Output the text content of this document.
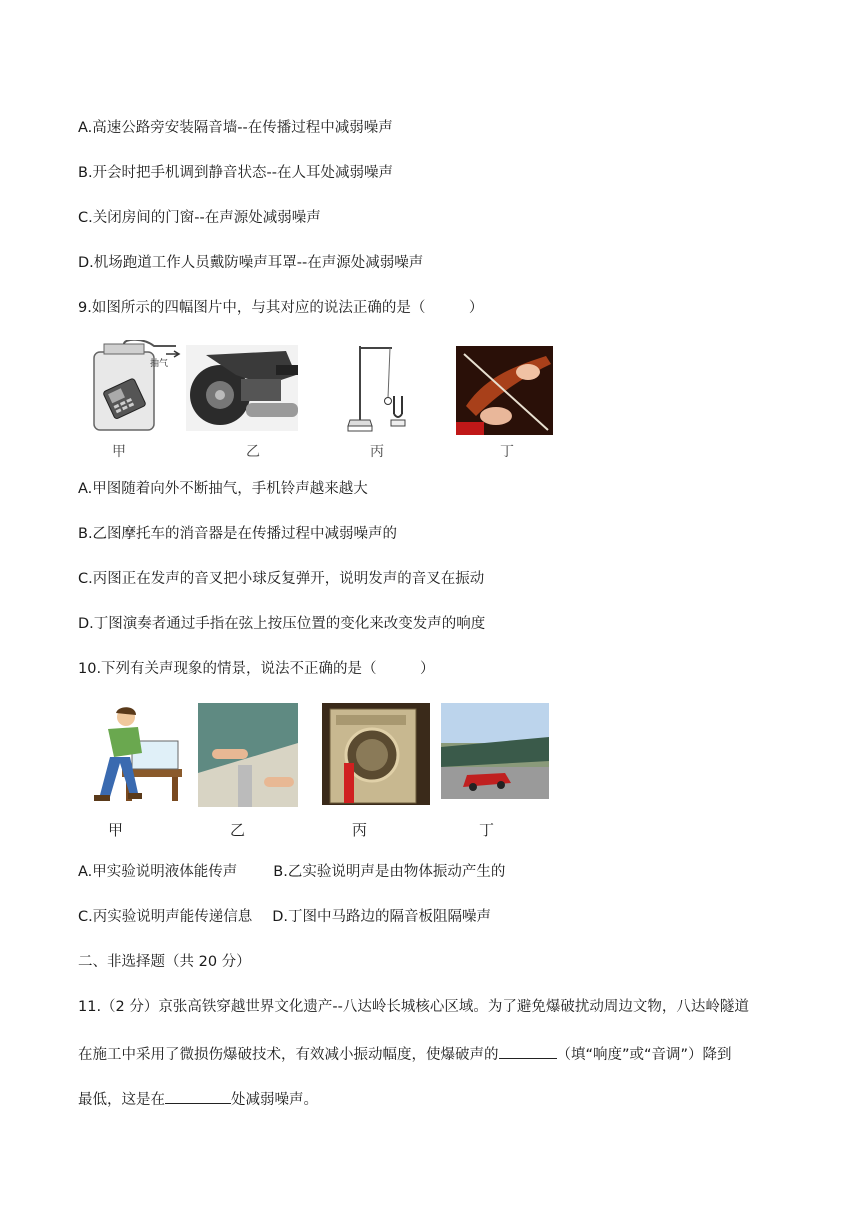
A.高速公路旁安装隔音墙--在传播过程中减弱噪声
B.开会时把手机调到静音状态--在人耳处减弱噪声
C.关闭房间的门窗--在声源处减弱噪声
D.机场跑道工作人员戴防噪声耳罩--在声源处减弱噪声
9.如图所示的四幅图片中，与其对应的说法正确的是（　　　）
抽气
甲	乙	丙	丁
A.甲图随着向外不断抽气，手机铃声越来越大
B.乙图摩托车的消音器是在传播过程中减弱噪声的
C.丙图正在发声的音叉把小球反复弹开，说明发声的音叉在振动
D.丁图演奏者通过手指在弦上按压位置的变化来改变发声的响度
10.下列有关声现象的情景，说法不正确的是（　　　）
甲	乙	丙	丁
A.甲实验说明液体能传声 B.乙实验说明声是由物体振动产生的
C.丙实验说明声能传递信息 D.丁图中马路边的隔音板阻隔噪声
二、非选择题（共 20 分）
11.（2 分）京张高铁穿越世界文化遗产--八达岭长城核心区域。为了避免爆破扰动周边文物，八达岭隧道
在施工中采用了微损伤爆破技术，有效减小振动幅度，使爆破声的	（填“响度”或“音调”）降到
最低，这是在	处减弱噪声。
